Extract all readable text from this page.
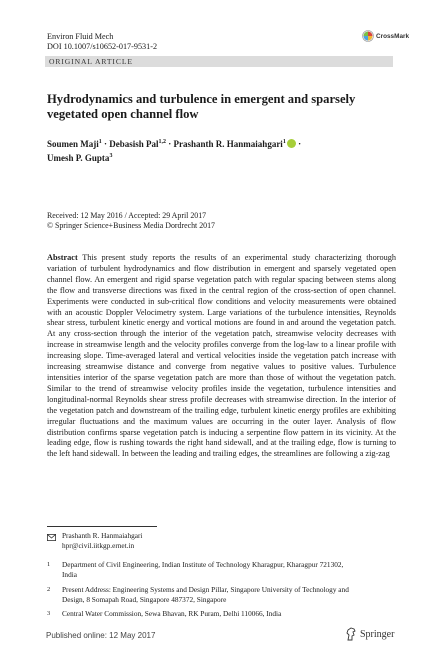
Environ Fluid Mech
DOI 10.1007/s10652-017-9531-2
CrossMark
ORIGINAL ARTICLE
Hydrodynamics and turbulence in emergent and sparsely
vegetated open channel flow
Soumen Maji$^1$ · Debasish Pal$^{1,2}$ · Prashanth R. Hanmaiahgari$^1$ ·
Umesh P. Gupta$^3$
Received: 12 May 2016 / Accepted: 29 April 2017
© Springer Science+Business Media Dordrecht 2017
Abstract This present study reports the results of an experimental study characterizing thorough variation of turbulent hydrodynamics and flow distribution in emergent and sparsely vegetated open channel flow. An emergent and rigid sparse vegetation patch with regular spacing between stems along the flow and transverse directions was fixed in the central region of the cross-section of open channel. Experiments were conducted in sub-critical flow conditions and velocity measurements were obtained with an acoustic Doppler Velocimetry system. Large variations of the turbulence intensities, Reynolds shear stress, turbulent kinetic energy and vortical motions are found in and around the vegetation patch. At any cross-section through the interior of the vegetation patch, streamwise velocity decreases with increase in streamwise length and the velocity profiles converge from the log-law to a linear profile with increasing slope. Time-averaged lateral and vertical velocities inside the vegetation patch increase with increasing streamwise distance and converge from negative values to positive values. Turbulence intensities interior of the sparse vegetation patch are more than those of without the vegetation patch. Similar to the trend of streamwise velocity profiles inside the vegetation, turbulence intensities and longitudinal-normal Reynolds shear stress profile decreases with streamwise direction. In the interior of the vegetation patch and downstream of the trailing edge, turbulent kinetic energy profiles are exhibiting irregular fluctuations and the maximum values are occurring in the outer layer. Analysis of flow distribution confirms sparse vegetation patch is inducing a serpentine flow pattern in its vicinity. At the leading edge, flow is rushing towards the right hand sidewall, and at the trailing edge, flow is turning to the left hand sidewall. In between the leading and trailing edges, the streamlines are following a zig-zag
Prashanth R. Hanmaiahgari
hpr@civil.iitkgp.ernet.in
1 Department of Civil Engineering, Indian Institute of Technology Kharagpur, Kharagpur 721302,
India
2 Present Address: Engineering Systems and Design Pillar, Singapore University of Technology and
Design, 8 Somapah Road, Singapore 487372, Singapore
3 Central Water Commission, Sewa Bhavan, RK Puram, Delhi 110066, India
Published online: 12 May 2017	Springer
